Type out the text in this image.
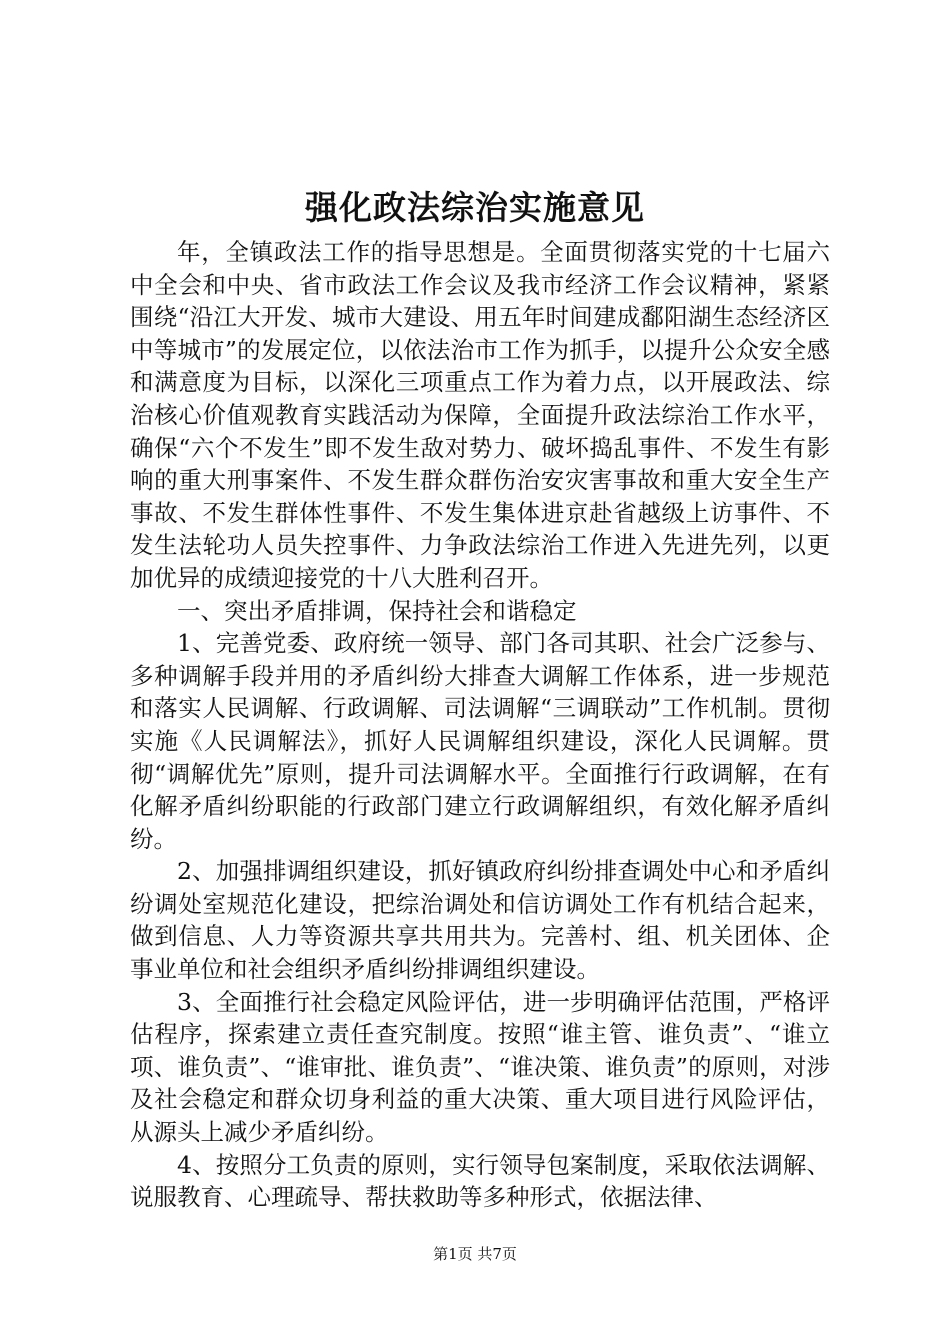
强化政法综治实施意见

年，全镇政法工作的指导思想是。全面贯彻落实党的十七届六中全会和中央、省市政法工作会议及我市经济工作会议精神，紧紧围绕“沿江大开发、城市大建设、用五年时间建成鄱阳湖生态经济区中等城市”的发展定位，以依法治市工作为抓手，以提升公众安全感和满意度为目标，以深化三项重点工作为着力点，以开展政法、综治核心价值观教育实践活动为保障，全面提升政法综治工作水平，确保“六个不发生”即不发生敌对势力、破坏捣乱事件、不发生有影响的重大刑事案件、不发生群众群伤治安灾害事故和重大安全生产事故、不发生群体性事件、不发生集体进京赴省越级上访事件、不发生法轮功人员失控事件、力争政法综治工作进入先进先列，以更加优异的成绩迎接党的十八大胜利召开。

一、突出矛盾排调，保持社会和谐稳定

1、完善党委、政府统一领导、部门各司其职、社会广泛参与、多种调解手段并用的矛盾纠纷大排查大调解工作体系，进一步规范和落实人民调解、行政调解、司法调解“三调联动”工作机制。贯彻实施《人民调解法》，抓好人民调解组织建设，深化人民调解。贯彻“调解优先”原则，提升司法调解水平。全面推行行政调解，在有化解矛盾纠纷职能的行政部门建立行政调解组织，有效化解矛盾纠纷。

2、加强排调组织建设，抓好镇政府纠纷排查调处中心和矛盾纠纷调处室规范化建设，把综治调处和信访调处工作有机结合起来，做到信息、人力等资源共享共用共为。完善村、组、机关团体、企事业单位和社会组织矛盾纠纷排调组织建设。

3、全面推行社会稳定风险评估，进一步明确评估范围，严格评估程序，探索建立责任查究制度。按照“谁主管、谁负责”、“谁立项、谁负责”、“谁审批、谁负责”、“谁决策、谁负责”的原则，对涉及社会稳定和群众切身利益的重大决策、重大项目进行风险评估，从源头上减少矛盾纠纷。

4、按照分工负责的原则，实行领导包案制度，采取依法调解、说服教育、心理疏导、帮扶救助等多种形式，依据法律、

第1页 共7页
